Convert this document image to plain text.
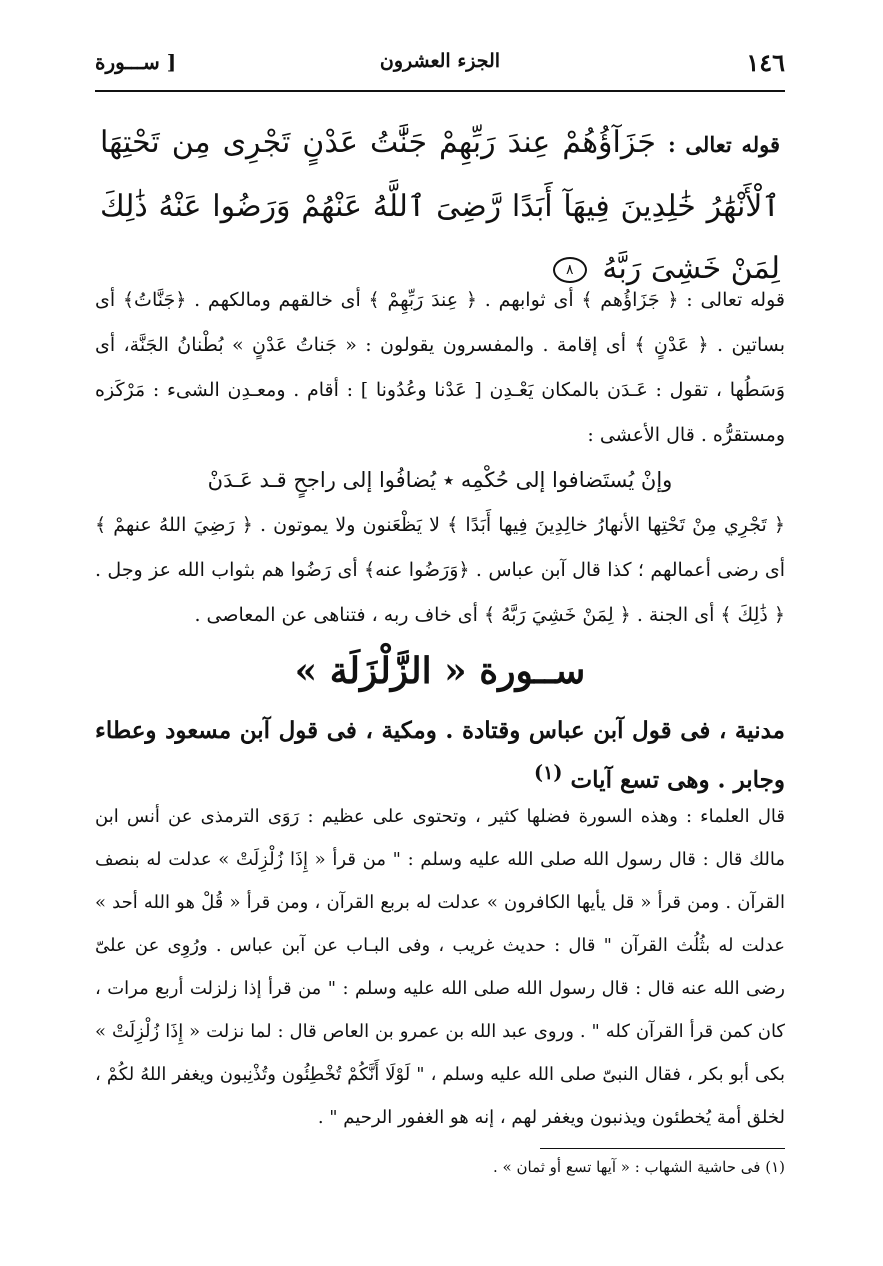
١٤٦
الجزء العشرون
[ ســـورة

قوله تعالى : جَزَآؤُهُمْ عِندَ رَبِّهِمْ جَنَّٰتُ عَدْنٍ تَجْرِى مِن تَحْتِهَا ٱلْأَنْهَٰرُ خَٰلِدِينَ فِيهَآ أَبَدًا رَّضِىَ ٱللَّهُ عَنْهُمْ وَرَضُوا عَنْهُ ذَٰلِكَ لِمَنْ خَشِىَ رَبَّهُ ٨

قوله تعالى : ﴿ جَزَاؤُهم ﴾ أى ثوابهم . ﴿ عِندَ رَبِّهِمْ ﴾ أى خالقهم ومالكهم . ﴿جَنَّاتُ﴾ أى بساتين . ﴿ عَدْنٍ ﴾ أى إقامة . والمفسرون يقولون : « جَناتُ عَدْنٍ » بُطْنانُ الجَنَّة، أى وَسَطُها ، تقول : عَـدَن بالمكان يَعْـدِن [ عَدْنا وعُدُونا ] : أقام . ومعـدِن الشىء : مَرْكَزه ومستقرُّه . قال الأعشى :

وإنْ يُستَضافوا إلى حُكْمِه ٭ يُضافُوا إلى راجحٍ قـد عَـدَنْ

﴿ تَجْرِي مِنْ تَحْتِها الأنهارُ خالِدِينَ فِيها أَبَدًا ﴾ لا يَظْعَنون ولا يموتون . ﴿ رَضِيَ اللهُ عنهمْ ﴾ أى رضى أعمالهم ؛ كذا قال آبن عباس . ﴿وَرَضُوا عنه﴾ أى رَضُوا هم بثواب الله عز وجل . ﴿ ذَٰلِكَ ﴾ أى الجنة . ﴿ لِمَنْ خَشِيَ رَبَّهُ ﴾ أى خاف ربه ، فتناهى عن المعاصى .

ســورة « الزَّلْزَلَة »

مدنية ، فى قول آبن عباس وقتادة . ومكية ، فى قول آبن مسعود وعطاء وجابر . وهى تسع آيات $^{(١)}$

قال العلماء : وهذه السورة فضلها كثير ، وتحتوى على عظيم : رَوَى الترمذى عن أنس ابن مالك قال : قال رسول الله صلى الله عليه وسلم : " من قرأ « إِذَا زُلْزِلَتْ » عدلت له بنصف القرآن . ومن قرأ « قل يأيها الكافرون » عدلت له بربع القرآن ، ومن قرأ « قُلْ هو الله أحد » عدلت له بثُلُث القرآن " قال : حديث غريب ، وفى البـاب عن آبن عباس . ورُوِى عن علىّ رضى الله عنه قال : قال رسول الله صلى الله عليه وسلم : " من قرأ إذا زلزلت أربع مرات ، كان كمن قرأ القرآن كله " . وروى عبد الله بن عمرو بن العاص قال : لما نزلت « إِذَا زُلْزِلَتْ » بكى أبو بكر ، فقال النبىّ صلى الله عليه وسلم ، " لَوْلَا أَنَّكُمْ تُخْطِئُون وتُذْنِبون ويغفر اللهُ لكُمْ ، لخلق أمة يُخطئون ويذنبون ويغفر لهم ، إنه هو الغفور الرحيم " .

(١) فى حاشية الشهاب : « آيها تسع أو ثمان » .
